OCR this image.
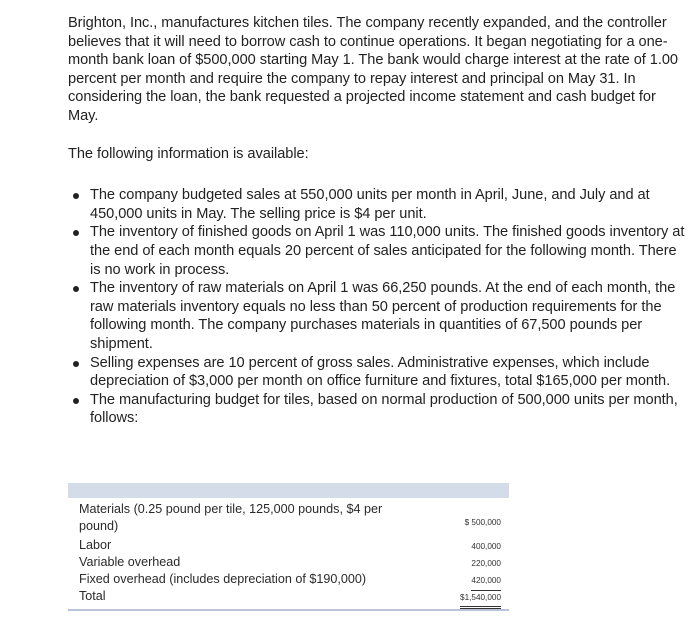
Brighton, Inc., manufactures kitchen tiles. The company recently expanded, and the controller believes that it will need to borrow cash to continue operations. It began negotiating for a one-month bank loan of $500,000 starting May 1. The bank would charge interest at the rate of 1.00 percent per month and require the company to repay interest and principal on May 31. In considering the loan, the bank requested a projected income statement and cash budget for May.

The following information is available:

The company budgeted sales at 550,000 units per month in April, June, and July and at 450,000 units in May. The selling price is $4 per unit.
The inventory of finished goods on April 1 was 110,000 units. The finished goods inventory at the end of each month equals 20 percent of sales anticipated for the following month. There is no work in process.
The inventory of raw materials on April 1 was 66,250 pounds. At the end of each month, the raw materials inventory equals no less than 50 percent of production requirements for the following month. The company purchases materials in quantities of 67,500 pounds per shipment.
Selling expenses are 10 percent of gross sales. Administrative expenses, which include depreciation of $3,000 per month on office furniture and fixtures, total $165,000 per month.
The manufacturing budget for tiles, based on normal production of 500,000 units per month, follows:
Materials (0.25 pound per tile, 125,000 pounds, $4 per pound)	$ 500,000
Labor	400,000
Variable overhead	220,000
Fixed overhead (includes depreciation of $190,000)	420,000
Total	$1,540,000
